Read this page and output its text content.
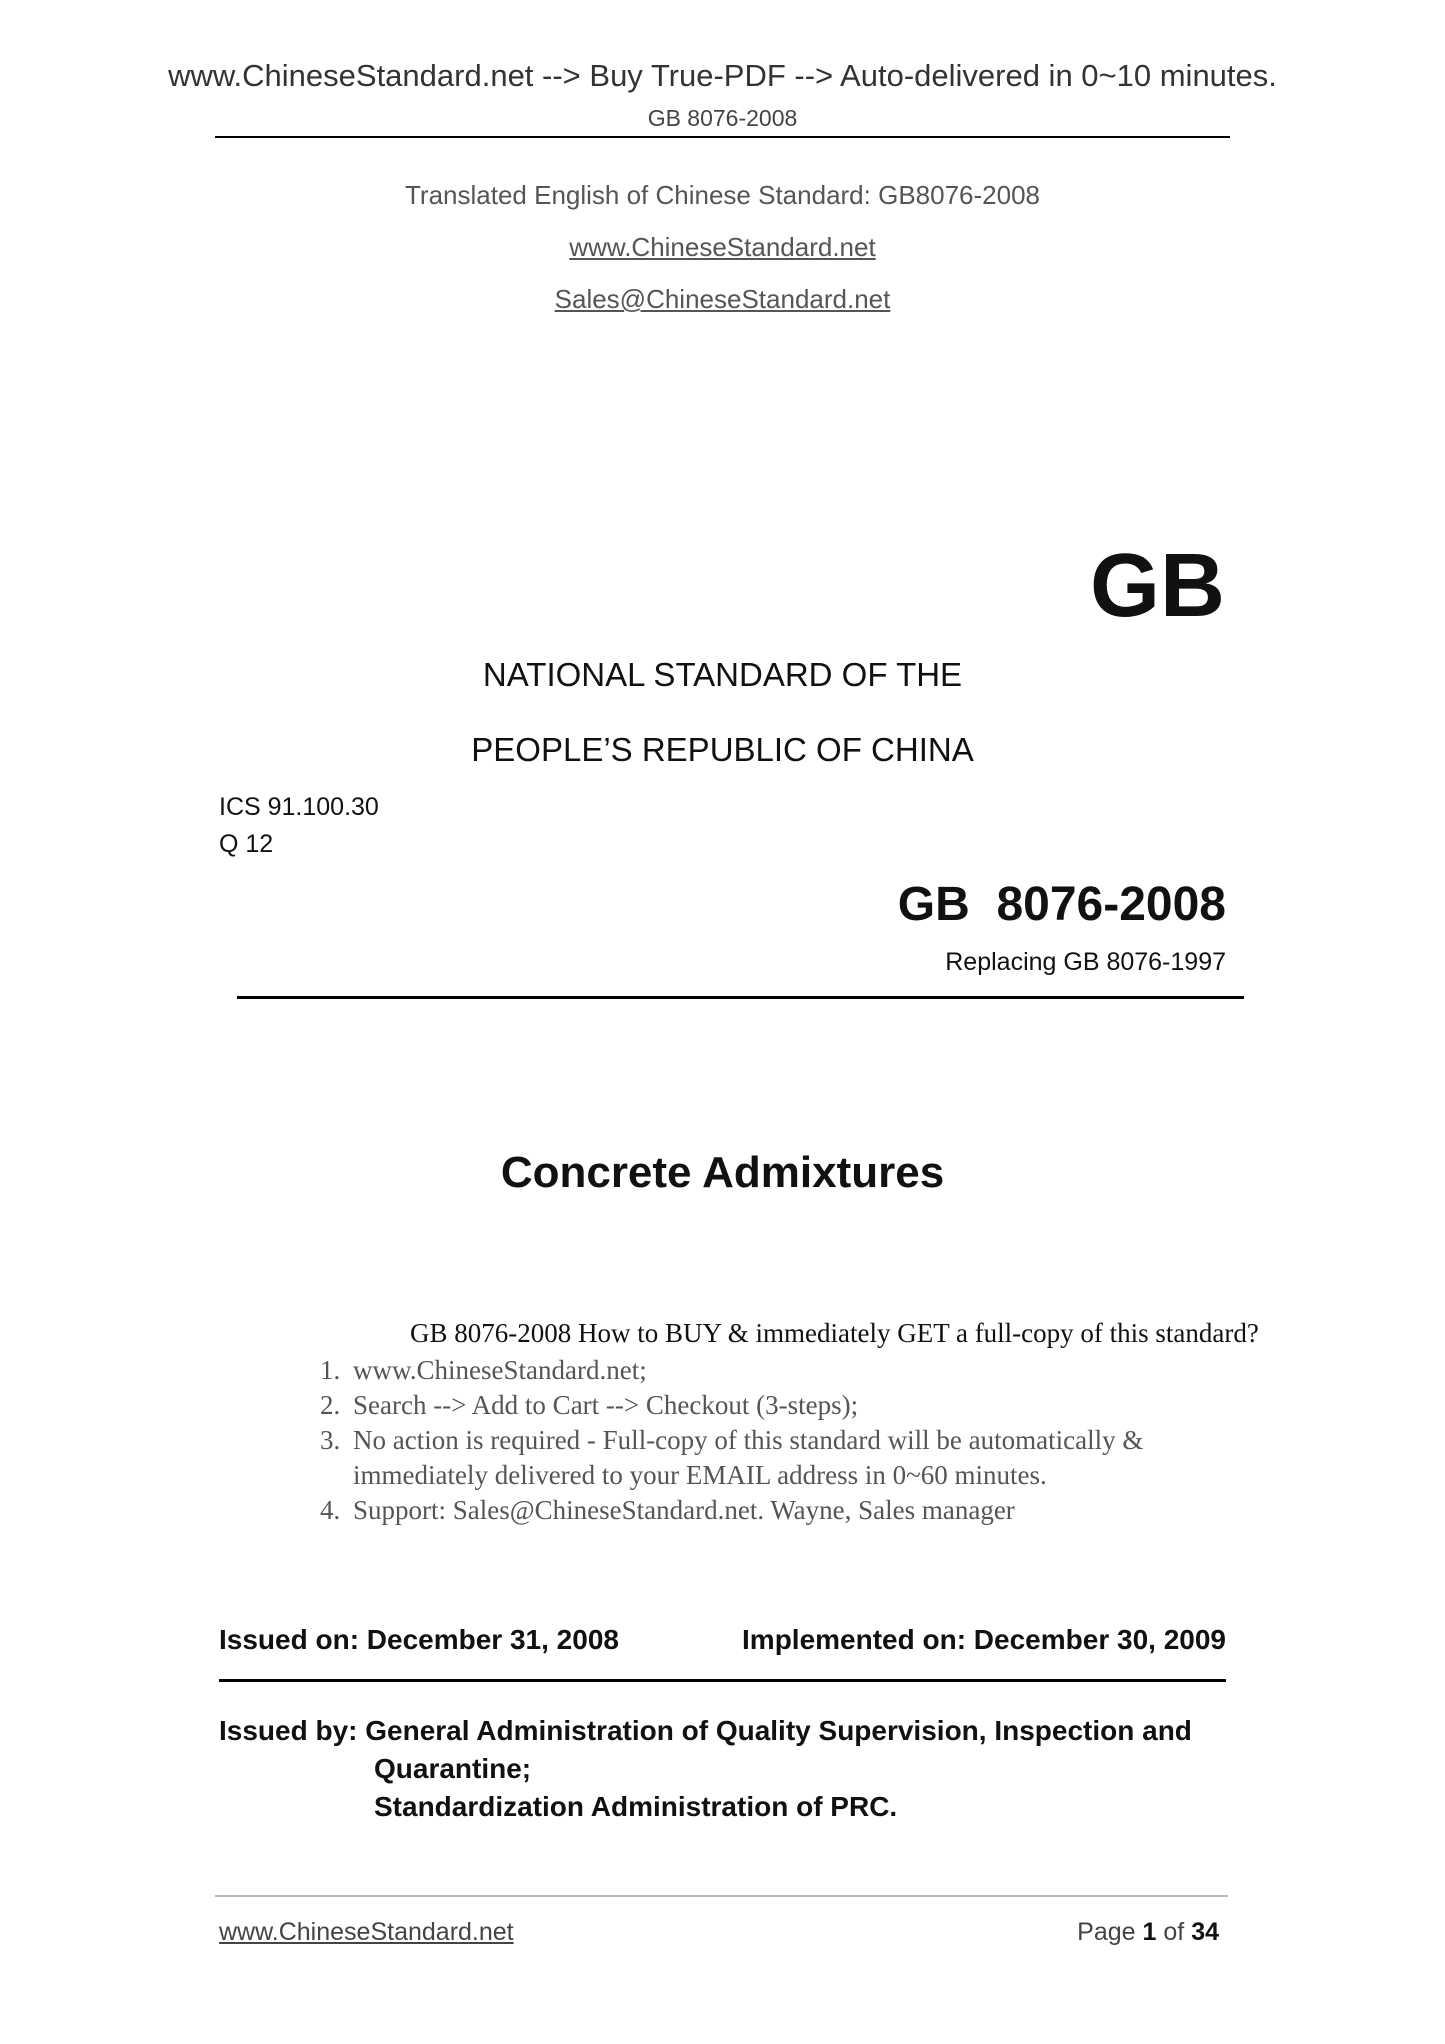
www.ChineseStandard.net --> Buy True-PDF --> Auto-delivered in 0~10 minutes.
GB 8076-2008
Translated English of Chinese Standard: GB8076-2008
www.ChineseStandard.net
Sales@ChineseStandard.net
GB
NATIONAL STANDARD OF THE
PEOPLE’S REPUBLIC OF CHINA
ICS 91.100.30
Q 12
GB  8076-2008
Replacing GB 8076-1997
Concrete Admixtures
GB 8076-2008 How to BUY & immediately GET a full-copy of this standard?
1. www.ChineseStandard.net;
2. Search --> Add to Cart --> Checkout (3-steps);
3. No action is required - Full-copy of this standard will be automatically &
immediately delivered to your EMAIL address in 0~60 minutes.
4. Support: Sales@ChineseStandard.net. Wayne, Sales manager
Issued on: December 31, 2008	Implemented on: December 30, 2009
Issued by: General Administration of Quality Supervision, Inspection and
Quarantine;
Standardization Administration of PRC.
www.ChineseStandard.net	Page 1 of 34
